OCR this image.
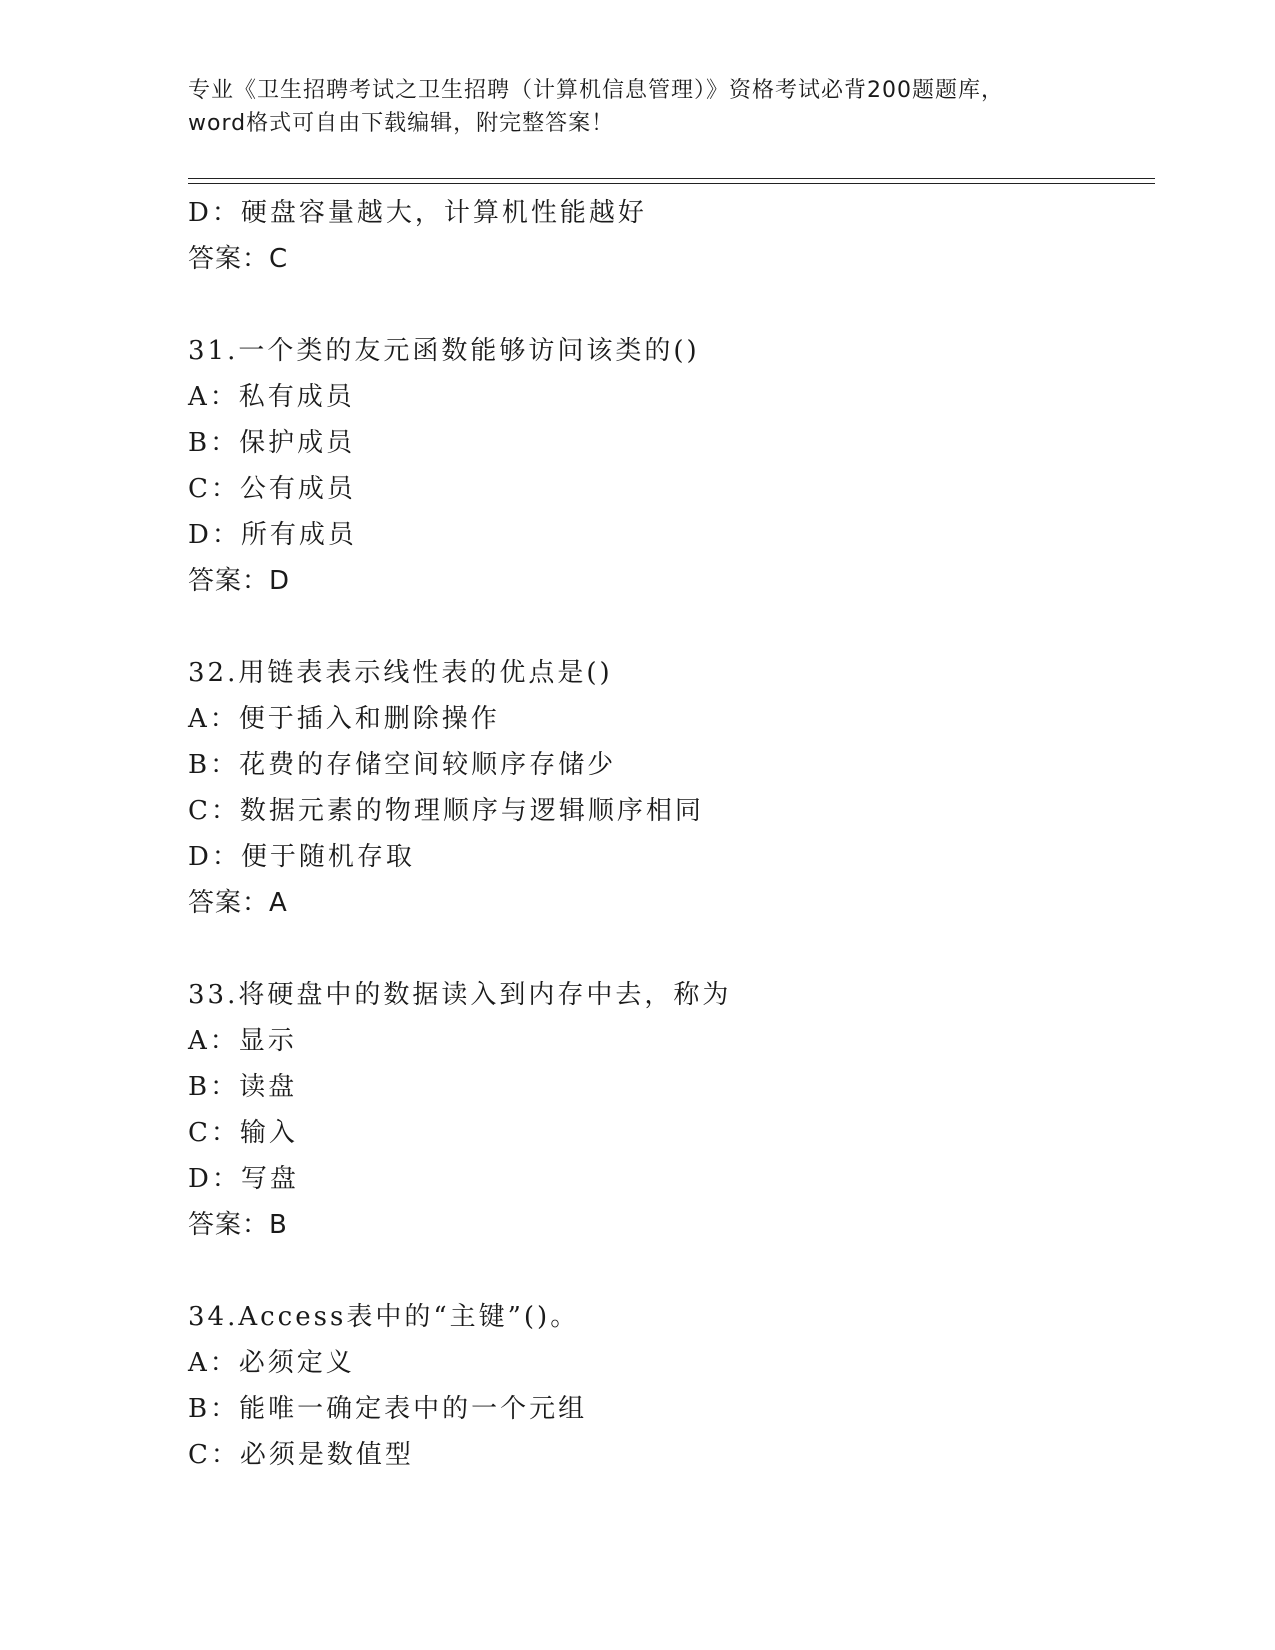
专业《卫生招聘考试之卫生招聘（计算机信息管理）》资格考试必背200题题库，
word格式可自由下载编辑，附完整答案！
D：硬盘容量越大，计算机性能越好
答案：C
31.一个类的友元函数能够访问该类的()
A：私有成员
B：保护成员
C：公有成员
D：所有成员
答案：D
32.用链表表示线性表的优点是()
A：便于插入和删除操作
B：花费的存储空间较顺序存储少
C：数据元素的物理顺序与逻辑顺序相同
D：便于随机存取
答案：A
33.将硬盘中的数据读入到内存中去，称为
A：显示
B：读盘
C：输入
D：写盘
答案：B
34.Access表中的“主键”()。
A：必须定义
B：能唯一确定表中的一个元组
C：必须是数值型
